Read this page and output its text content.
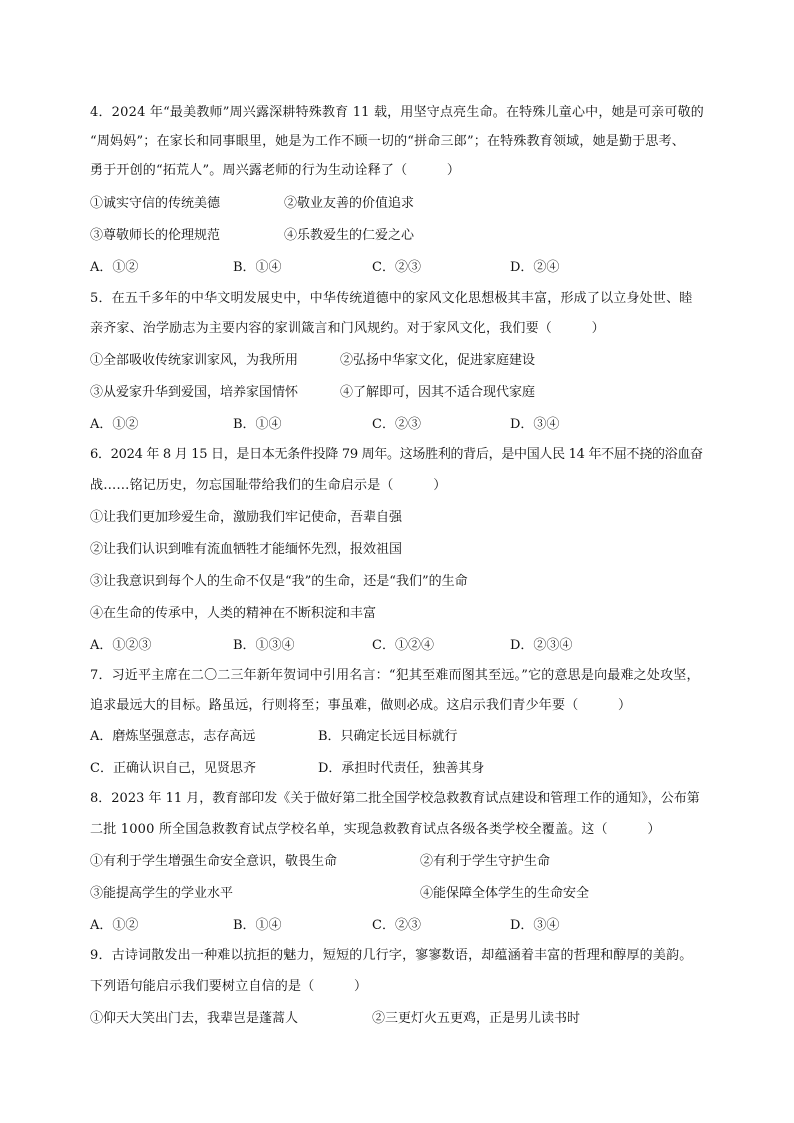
4．2024 年“最美教师”周兴露深耕特殊教育 11 载，用坚守点亮生命。在特殊儿童心中，她是可亲可敬的
“周妈妈”；在家长和同事眼里，她是为工作不顾一切的“拼命三郎”；在特殊教育领域，她是勤于思考、
勇于开创的“拓荒人”。周兴露老师的行为生动诠释了（　　　）
①诚实守信的传统美德	②敬业友善的价值追求
③尊敬师长的伦理规范	④乐教爱生的仁爱之心
A．①②	B．①④	C．②③	D．②④
5．在五千多年的中华文明发展史中，中华传统道德中的家风文化思想极其丰富，形成了以立身处世、睦
亲齐家、治学励志为主要内容的家训箴言和门风规约。对于家风文化，我们要（　　　）
①全部吸收传统家训家风，为我所用	②弘扬中华家文化，促进家庭建设
③从爱家升华到爱国，培养家国情怀	④了解即可，因其不适合现代家庭
A．①②	B．①④	C．②③	D．③④
6．2024 年 8 月 15 日，是日本无条件投降 79 周年。这场胜利的背后，是中国人民 14 年不屈不挠的浴血奋
战……铭记历史，勿忘国耻带给我们的生命启示是（　　　）
①让我们更加珍爱生命，激励我们牢记使命，吾辈自强
②让我们认识到唯有流血牺牲才能缅怀先烈，报效祖国
③让我意识到每个人的生命不仅是“我”的生命，还是“我们”的生命
④在生命的传承中，人类的精神在不断积淀和丰富
A．①②③	B．①③④	C．①②④	D．②③④
7．习近平主席在二〇二三年新年贺词中引用名言：“犯其至难而图其至远。”它的意思是向最难之处攻坚，
追求最远大的目标。路虽远，行则将至；事虽难，做则必成。这启示我们青少年要（　　　）
A．磨炼坚强意志，志存高远	B．只确定长远目标就行
C．正确认识自己，见贤思齐	D．承担时代责任，独善其身
8．2023 年 11 月，教育部印发《关于做好第二批全国学校急救教育试点建设和管理工作的通知》，公布第
二批 1000 所全国急救教育试点学校名单，实现急救教育试点各级各类学校全覆盖。这（　　　）
①有利于学生增强生命安全意识，敬畏生命	②有利于学生守护生命
③能提高学生的学业水平	④能保障全体学生的生命安全
A．①②	B．①④	C．②③	D．③④
9．古诗词散发出一种难以抗拒的魅力，短短的几行字，寥寥数语，却蕴涵着丰富的哲理和醇厚的美韵。
下列语句能启示我们要树立自信的是（　　　）
①仰天大笑出门去，我辈岂是蓬蒿人	②三更灯火五更鸡，正是男儿读书时
